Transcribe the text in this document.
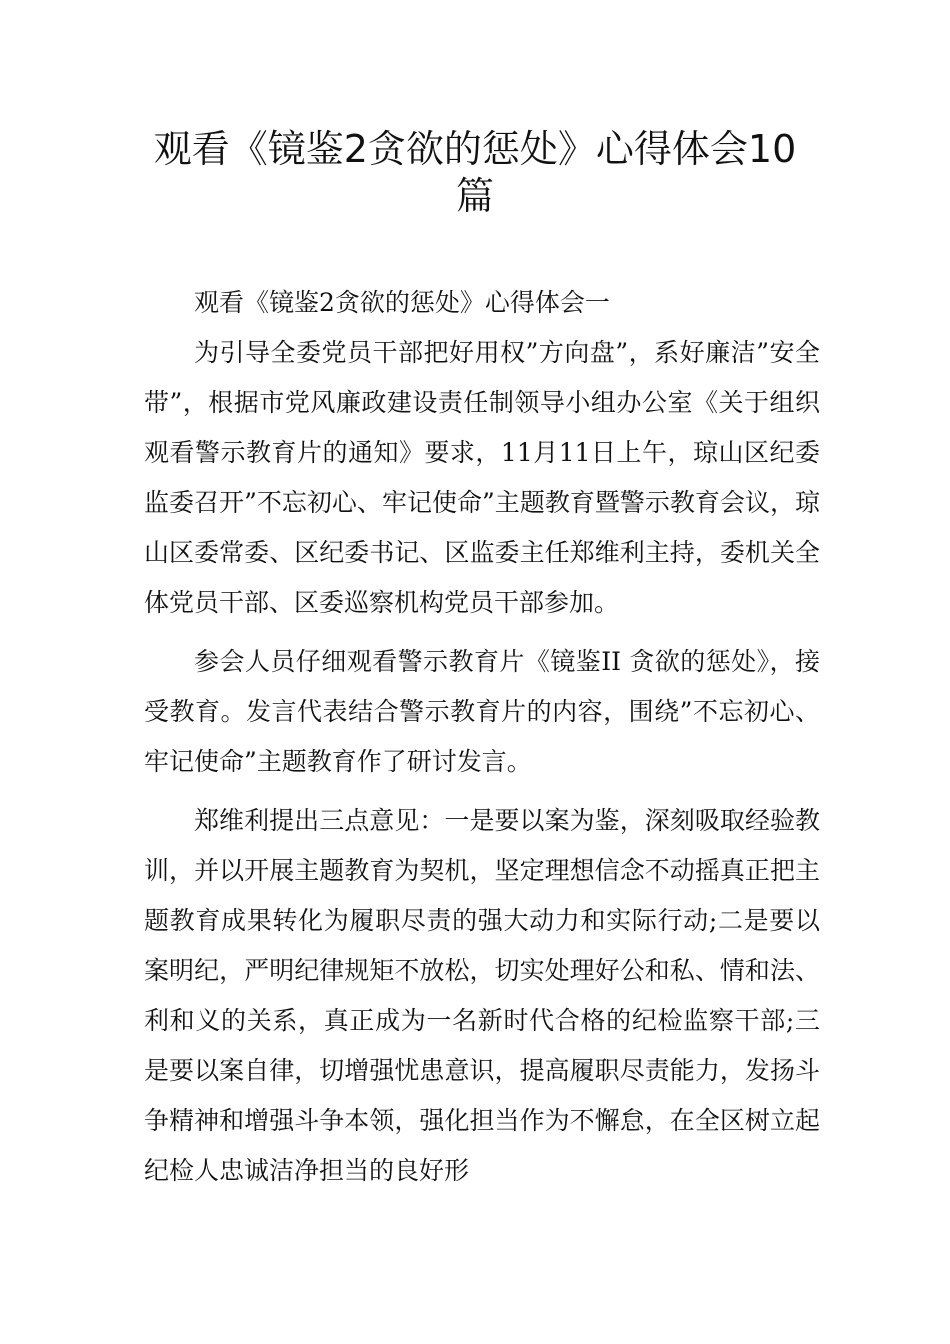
观看《镜鉴2贪欲的惩处》心得体会10篇

观看《镜鉴2贪欲的惩处》心得体会一

为引导全委党员干部把好用权”方向盘”，系好廉洁”安全带”，根据市党风廉政建设责任制领导小组办公室《关于组织观看警示教育片的通知》要求，11月11日上午，琼山区纪委监委召开”不忘初心、牢记使命”主题教育暨警示教育会议，琼山区委常委、区纪委书记、区监委主任郑维利主持，委机关全体党员干部、区委巡察机构党员干部参加。

参会人员仔细观看警示教育片《镜鉴II 贪欲的惩处》，接受教育。发言代表结合警示教育片的内容，围绕”不忘初心、牢记使命”主题教育作了研讨发言。

郑维利提出三点意见：一是要以案为鉴，深刻吸取经验教训，并以开展主题教育为契机，坚定理想信念不动摇真正把主题教育成果转化为履职尽责的强大动力和实际行动;二是要以案明纪，严明纪律规矩不放松，切实处理好公和私、情和法、利和义的关系，真正成为一名新时代合格的纪检监察干部;三是要以案自律，切增强忧患意识，提高履职尽责能力，发扬斗争精神和增强斗争本领，强化担当作为不懈怠，在全区树立起纪检人忠诚洁净担当的良好形
